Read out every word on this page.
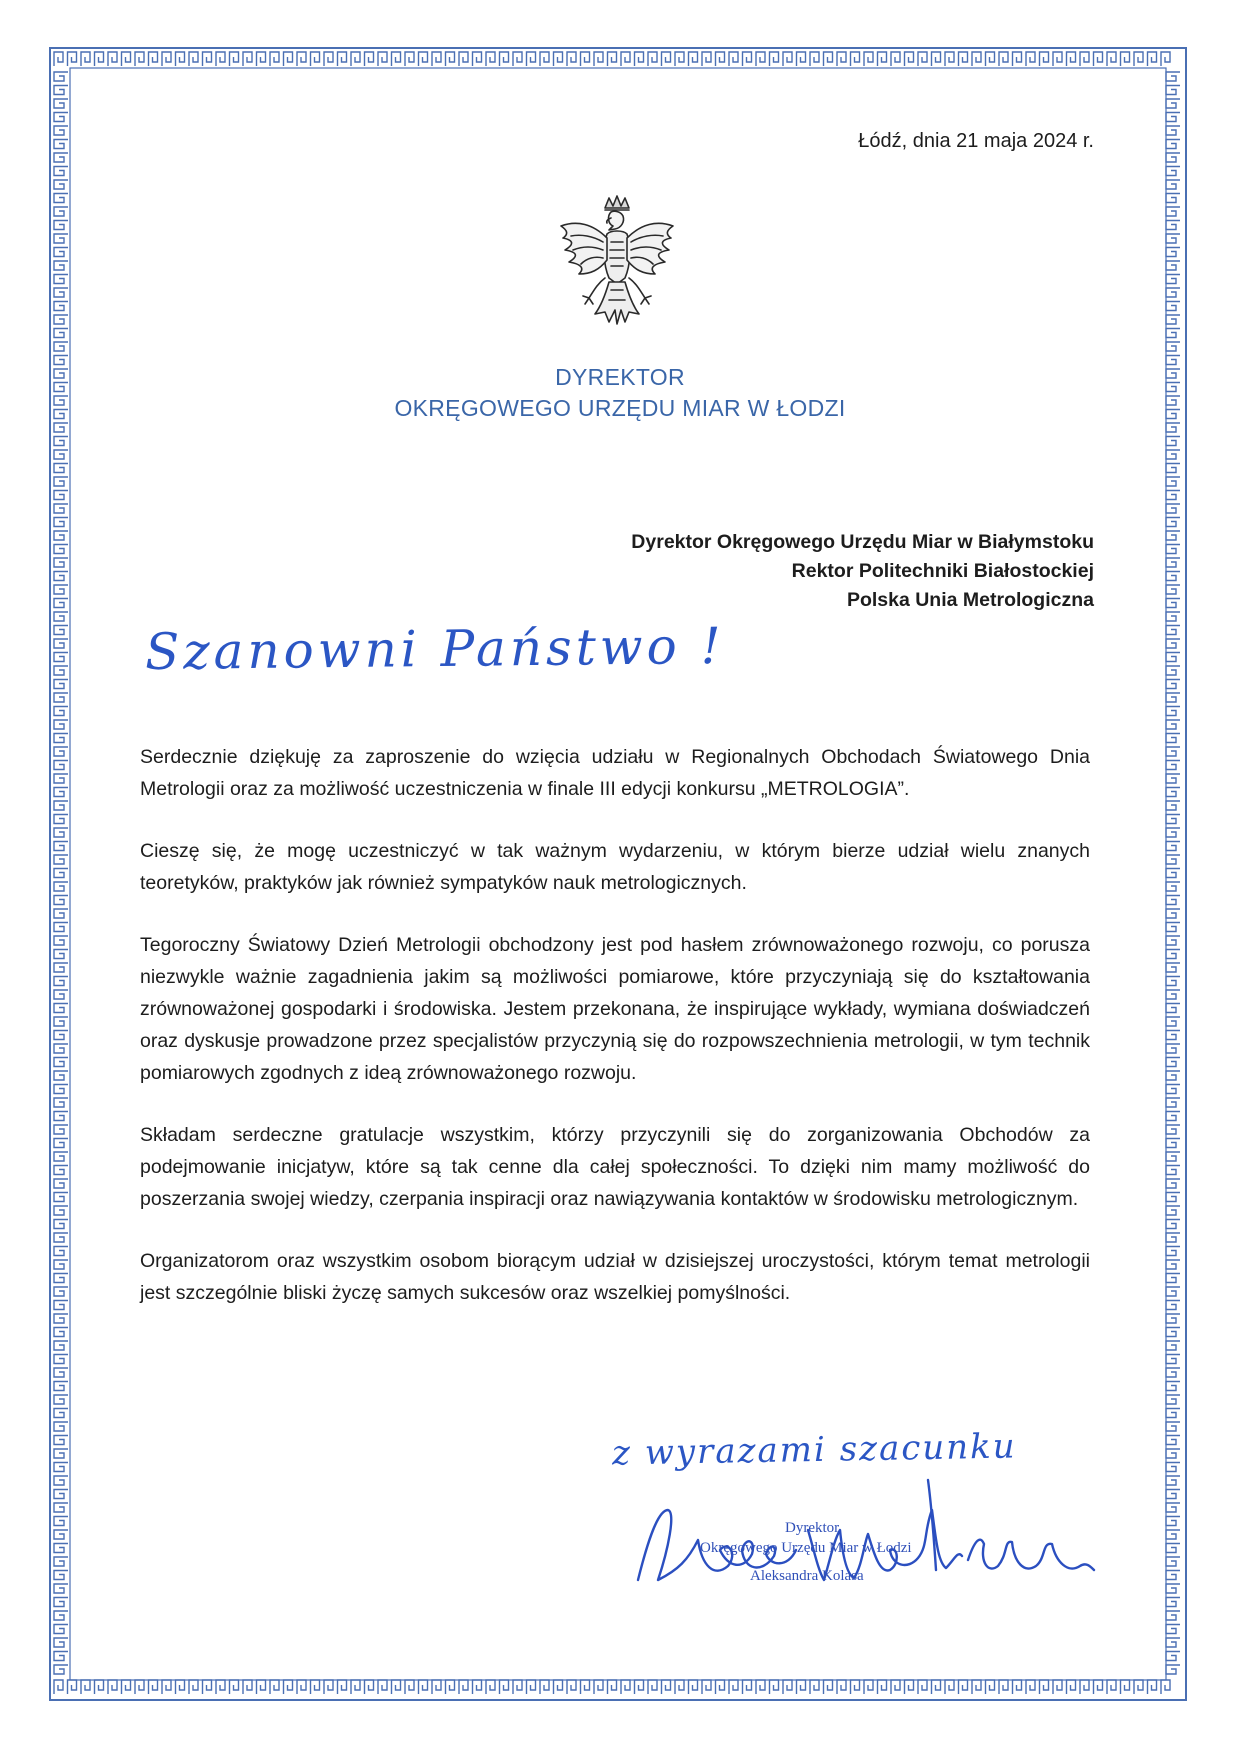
Łódź, dnia 21 maja 2024 r.
DYREKTOR
OKRĘGOWEGO URZĘDU MIAR W ŁODZI
Dyrektor Okręgowego Urzędu Miar w Białymstoku
Rektor Politechniki Białostockiej
Polska Unia Metrologiczna
Szanowni Państwo !

Serdecznie dziękuję za zaproszenie do wzięcia udziału w Regionalnych Obchodach Światowego Dnia Metrologii oraz za możliwość uczestniczenia w finale III edycji konkursu „METROLOGIA”.

Cieszę się, że mogę uczestniczyć w tak ważnym wydarzeniu, w którym bierze udział wielu znanych teoretyków, praktyków jak również sympatyków nauk metrologicznych.

Tegoroczny Światowy Dzień Metrologii obchodzony jest pod hasłem zrównoważonego rozwoju, co porusza niezwykle ważnie zagadnienia jakim są możliwości pomiarowe, które przyczyniają się do kształtowania zrównoważonej gospodarki i środowiska. Jestem przekonana, że inspirujące wykłady, wymiana doświadczeń oraz dyskusje prowadzone przez specjalistów przyczynią się do rozpowszechnienia metrologii, w tym technik pomiarowych zgodnych z ideą zrównoważonego rozwoju.

Składam serdeczne gratulacje wszystkim, którzy przyczynili się do zorganizowania Obchodów za podejmowanie inicjatyw, które są tak cenne dla całej społeczności. To dzięki nim mamy możliwość do poszerzania swojej wiedzy, czerpania inspiracji oraz nawiązywania kontaktów w środowisku metrologicznym.

Organizatorom oraz wszystkim osobom biorącym udział w dzisiejszej uroczystości, którym temat metrologii jest szczególnie bliski życzę samych sukcesów oraz wszelkiej pomyślności.

z wyrazami szacunku
Dyrektor
Okręgowego Urzędu Miar w Łodzi
Aleksandra Kolasa
